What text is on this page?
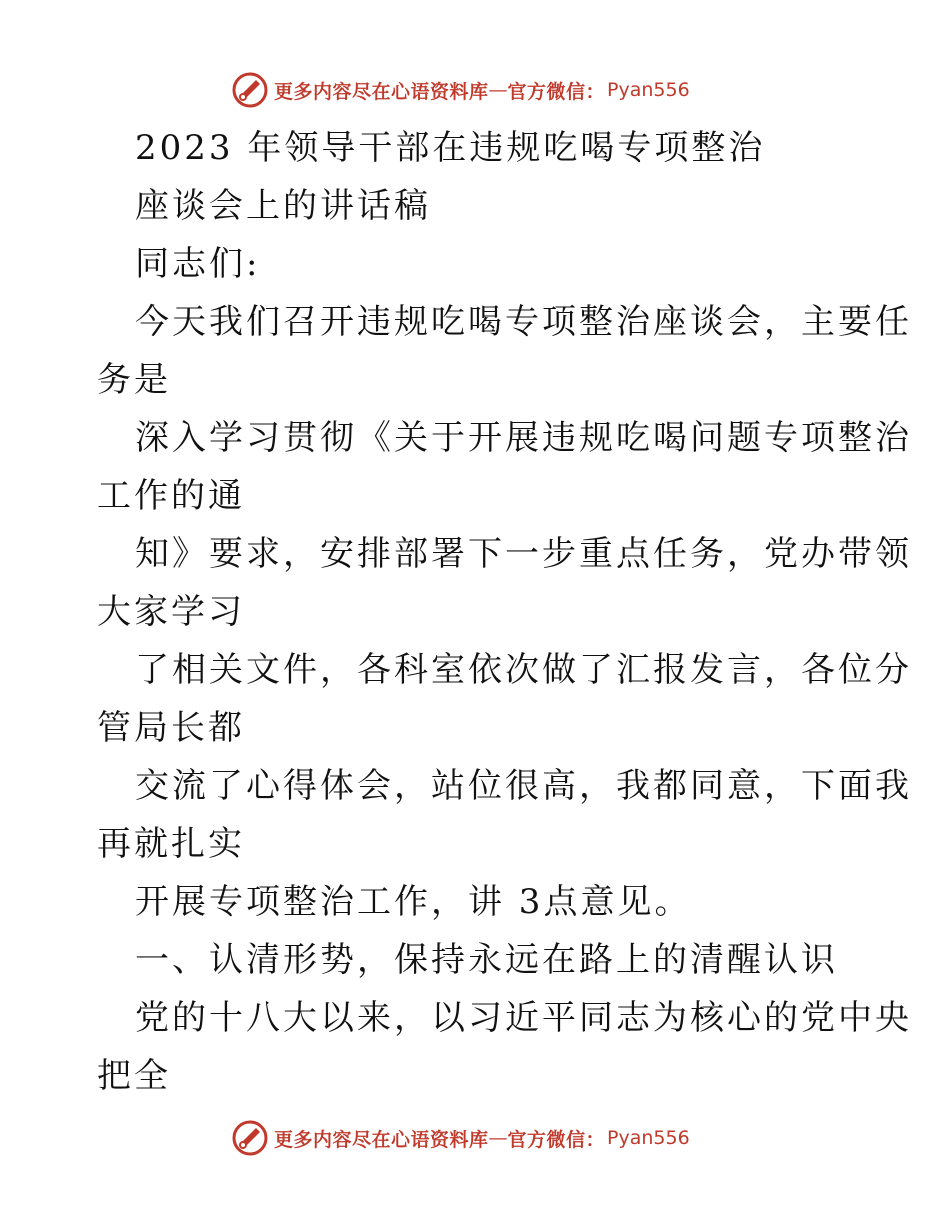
更多内容尽在心语资料库 — 官方微信： Pyan556
2023 年领导干部在违规吃喝专项整治
座谈会上的讲话稿
同志们:
今天我们召开违规吃喝专项整治座谈会，主要任
务是
深入学习贯彻《关于开展违规吃喝问题专项整治
工作的通
知》要求，安排部署下一步重点任务，党办带领
大家学习
了相关文件，各科室依次做了汇报发言，各位分
管局长都
交流了心得体会，站位很高，我都同意，下面我
再就扎实
开展专项整治工作，讲 3点意见。
一、认清形势，保持永远在路上的清醒认识
党的十八大以来，以习近平同志为核心的党中央
把全
更多内容尽在心语资料库 — 官方微信： Pyan556
